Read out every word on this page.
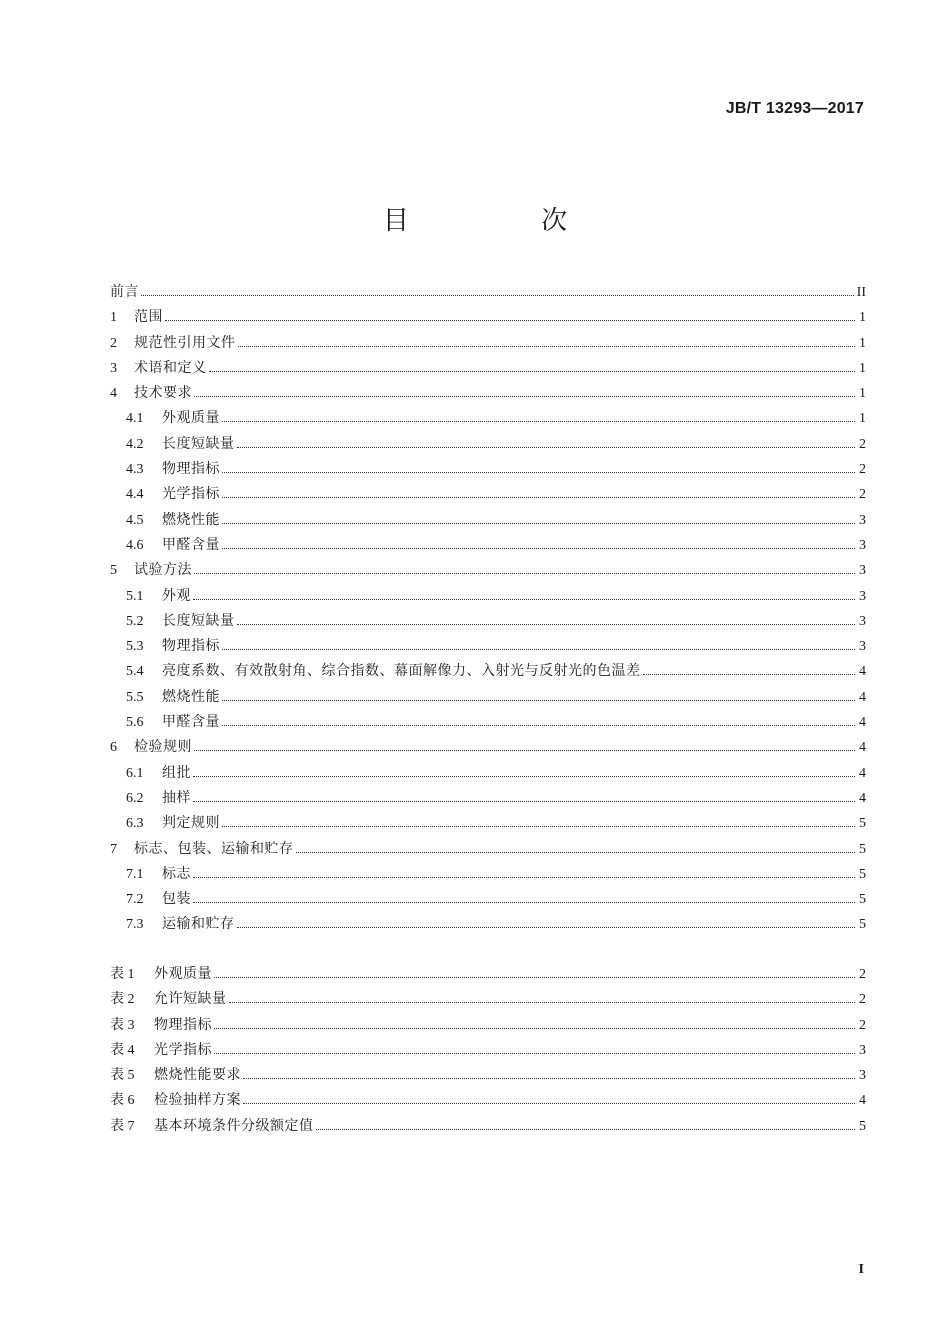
JB/T 13293—2017
目 次
前言	II
1	范围	1
2	规范性引用文件	1
3	术语和定义	1
4	技术要求	1
4.1	外观质量	1
4.2	长度短缺量	2
4.3	物理指标	2
4.4	光学指标	2
4.5	燃烧性能	3
4.6	甲醛含量	3
5	试验方法	3
5.1	外观	3
5.2	长度短缺量	3
5.3	物理指标	3
5.4	亮度系数、有效散射角、综合指数、幕面解像力、入射光与反射光的色温差	4
5.5	燃烧性能	4
5.6	甲醛含量	4
6	检验规则	4
6.1	组批	4
6.2	抽样	4
6.3	判定规则	5
7	标志、包装、运输和贮存	5
7.1	标志	5
7.2	包装	5
7.3	运输和贮存	5
表 1	外观质量	2
表 2	允许短缺量	2
表 3	物理指标	2
表 4	光学指标	3
表 5	燃烧性能要求	3
表 6	检验抽样方案	4
表 7	基本环境条件分级额定值	5
I
